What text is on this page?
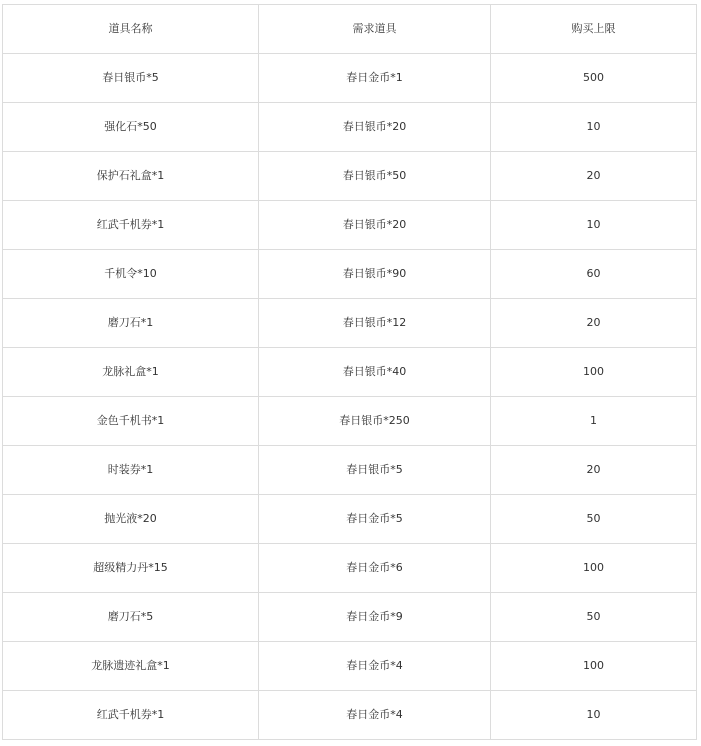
道具名称	需求道具	购买上限
春日银币*5	春日金币*1	500
强化石*50	春日银币*20	10
保护石礼盒*1	春日银币*50	20
红武千机券*1	春日银币*20	10
千机令*10	春日银币*90	60
磨刀石*1	春日银币*12	20
龙脉礼盒*1	春日银币*40	100
金色千机书*1	春日银币*250	1
时装券*1	春日银币*5	20
抛光液*20	春日金币*5	50
超级精力丹*15	春日金币*6	100
磨刀石*5	春日金币*9	50
龙脉遗迹礼盒*1	春日金币*4	100
红武千机券*1	春日金币*4	10
